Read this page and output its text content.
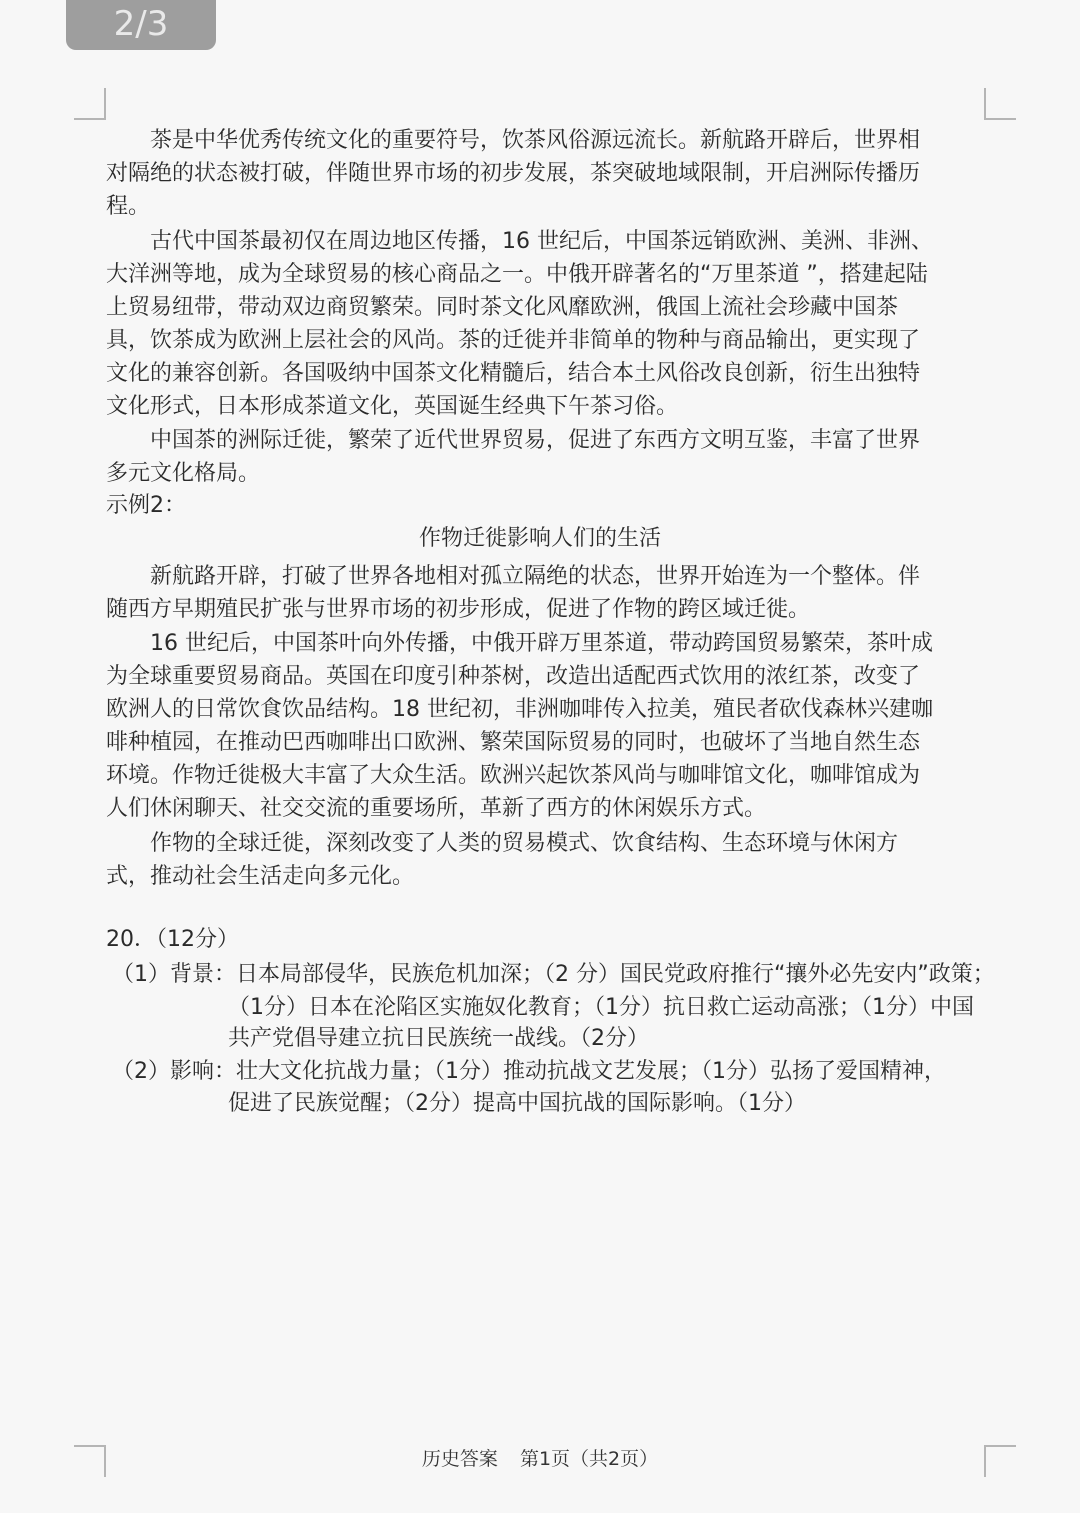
2/3
茶是中华优秀传统文化的重要符号，饮茶风俗源远流长。新航路开辟后，世界相
对隔绝的状态被打破，伴随世界市场的初步发展，茶突破地域限制，开启洲际传播历
程。
古代中国茶最初仅在周边地区传播，16 世纪后，中国茶远销欧洲、美洲、非洲、
大洋洲等地，成为全球贸易的核心商品之一。中俄开辟著名的“万里茶道 ”，搭建起陆
上贸易纽带，带动双边商贸繁荣。同时茶文化风靡欧洲，俄国上流社会珍藏中国茶
具，饮茶成为欧洲上层社会的风尚。茶的迁徙并非简单的物种与商品输出，更实现了
文化的兼容创新。各国吸纳中国茶文化精髓后，结合本土风俗改良创新，衍生出独特
文化形式，日本形成茶道文化，英国诞生经典下午茶习俗。
中国茶的洲际迁徙，繁荣了近代世界贸易，促进了东西方文明互鉴，丰富了世界
多元文化格局。
示例2：
作物迁徙影响人们的生活
新航路开辟，打破了世界各地相对孤立隔绝的状态，世界开始连为一个整体。伴
随西方早期殖民扩张与世界市场的初步形成，促进了作物的跨区域迁徙。
16 世纪后，中国茶叶向外传播，中俄开辟万里茶道，带动跨国贸易繁荣，茶叶成
为全球重要贸易商品。英国在印度引种茶树，改造出适配西式饮用的浓红茶，改变了
欧洲人的日常饮食饮品结构。18 世纪初，非洲咖啡传入拉美，殖民者砍伐森林兴建咖
啡种植园，在推动巴西咖啡出口欧洲、繁荣国际贸易的同时，也破坏了当地自然生态
环境。作物迁徙极大丰富了大众生活。欧洲兴起饮茶风尚与咖啡馆文化，咖啡馆成为
人们休闲聊天、社交交流的重要场所，革新了西方的休闲娱乐方式。
作物的全球迁徙，深刻改变了人类的贸易模式、饮食结构、生态环境与休闲方
式，推动社会生活走向多元化。
20．（12分）
（1）背景：日本局部侵华，民族危机加深；（2 分）国民党政府推行“攘外必先安内”政策；
（1分）日本在沦陷区实施奴化教育；（1分）抗日救亡运动高涨；（1分）中国
共产党倡导建立抗日民族统一战线。（2分）
（2）影响：壮大文化抗战力量；（1分）推动抗战文艺发展；（1分）弘扬了爱国精神，
促进了民族觉醒；（2分）提高中国抗战的国际影响。（1分）
历史答案 第1页（共2页）
